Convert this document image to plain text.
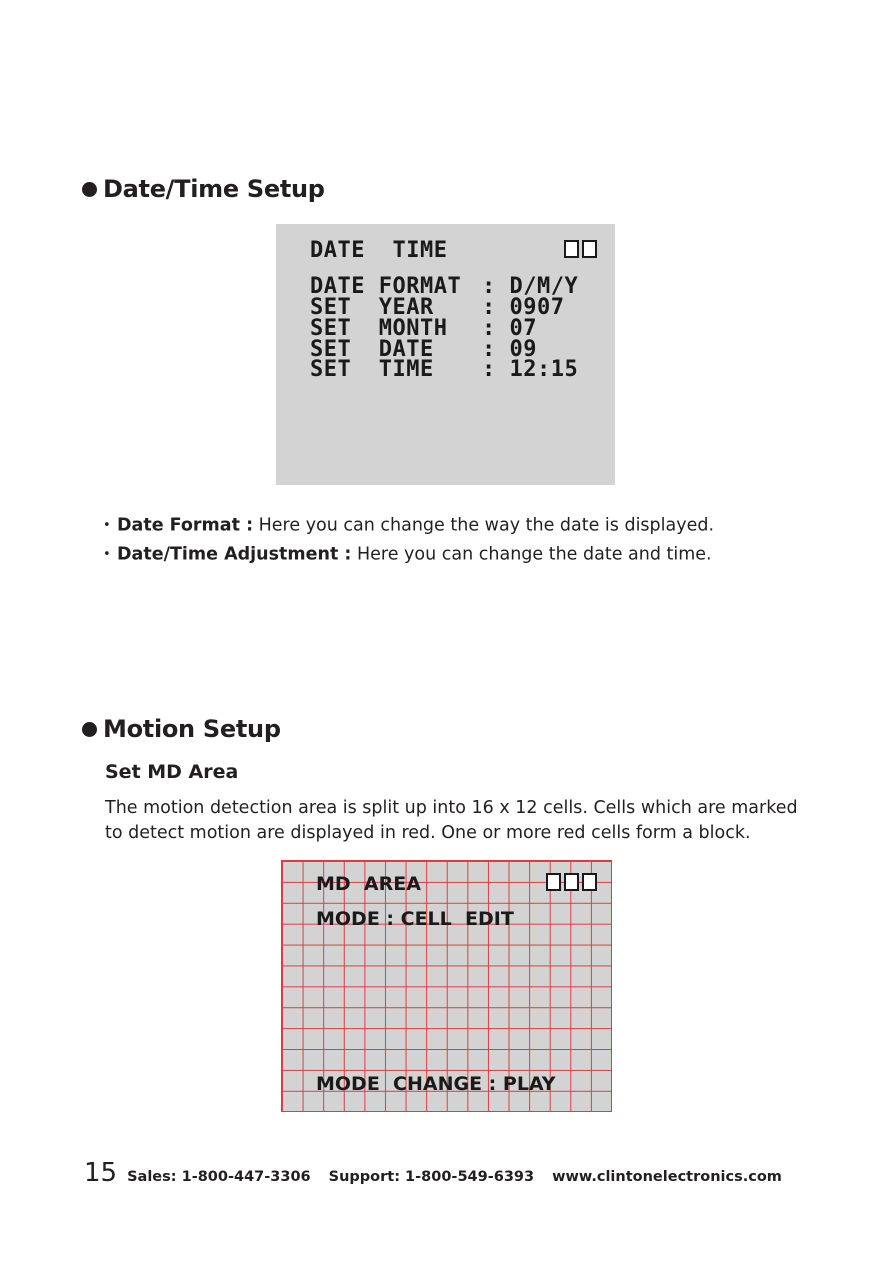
Date/Time Setup
DATE  TIME
DATE FORMAT : D/M/Y
SET  YEAR : 0907
SET  MONTH : 07
SET  DATE : 09
SET  TIME : 12:15

• Date Format : Here you can change the way the date is displayed.

• Date/Time Adjustment : Here you can change the date and time.

Motion Setup
Set MD Area

The motion detection area is split up into 16 x 12 cells. Cells which are marked to detect motion are displayed in red. One or more red cells form a block.

MD  AREA
MODE : CELL  EDIT
MODE  CHANGE : PLAY
15 Sales: 1-800-447-3306 Support: 1-800-549-6393 www.clintonelectronics.com
